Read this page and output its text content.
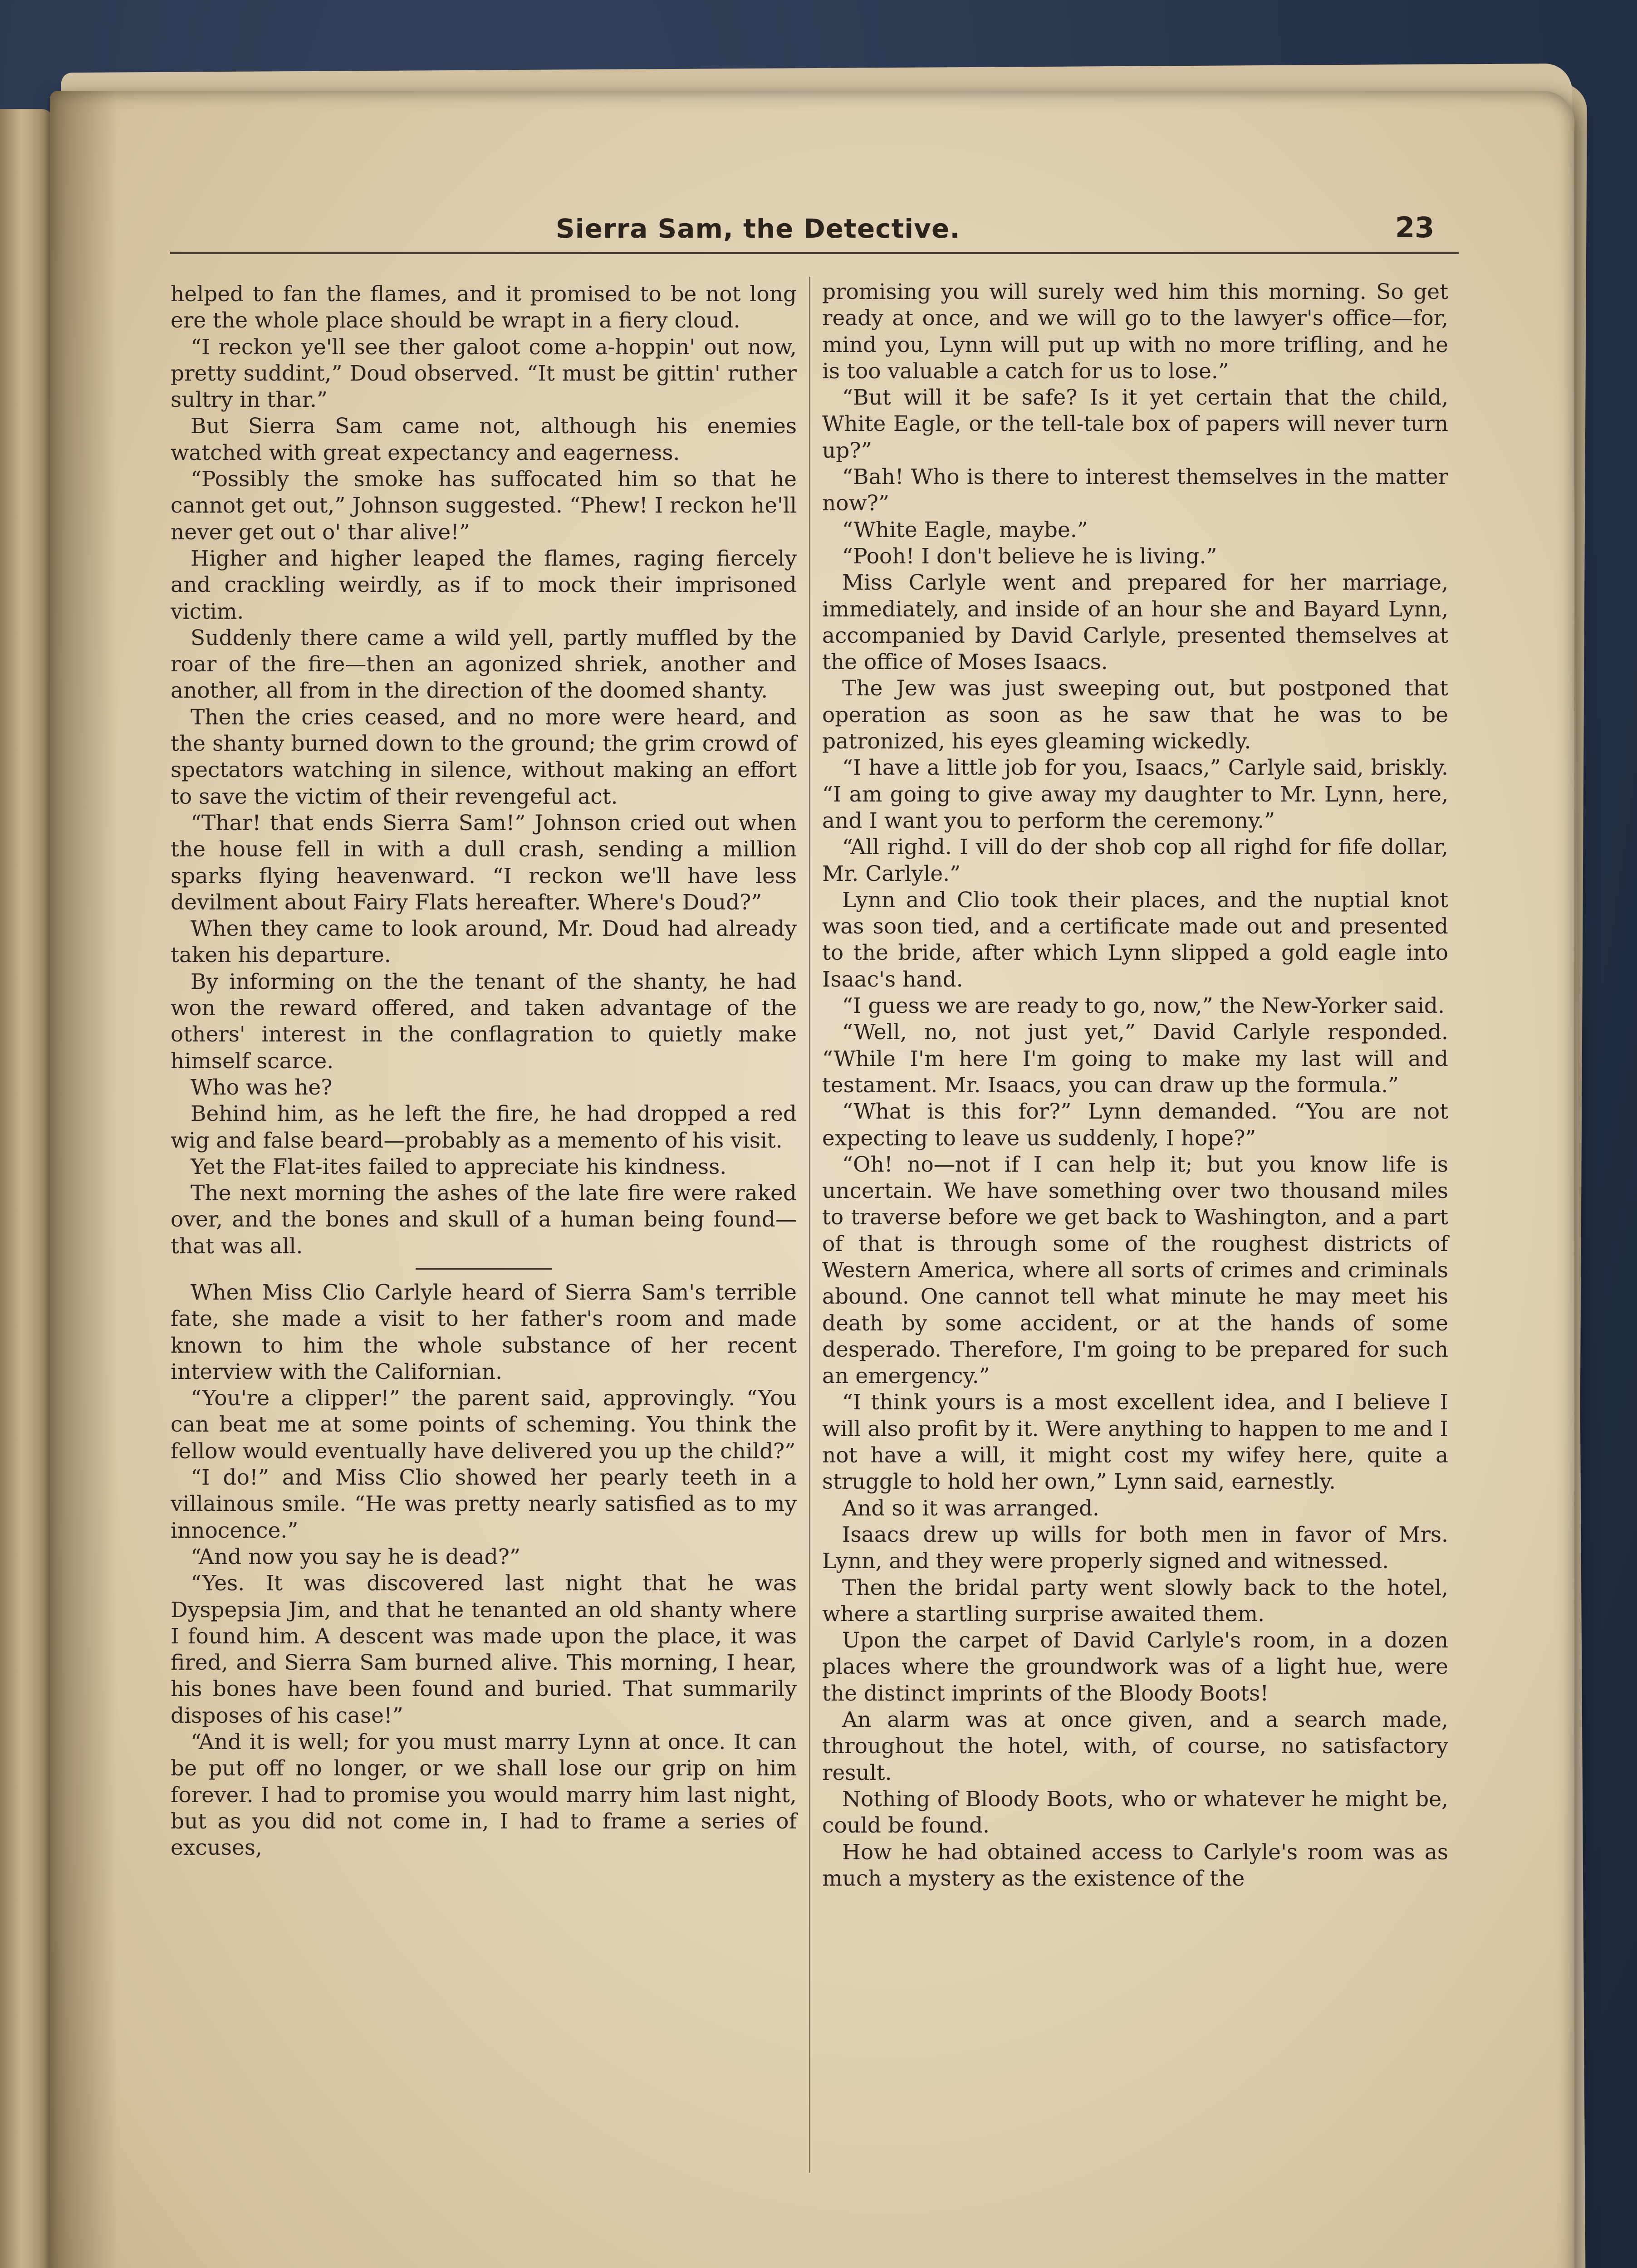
Sierra Sam, the Detective.	23

helped to fan the flames, and it promised to be not long ere the whole place should be wrapt in a fiery cloud.

“I reckon ye'll see ther galoot come a-hoppin' out now, pretty suddint,” Doud observed. “It must be gittin' ruther sultry in thar.”

But Sierra Sam came not, although his enemies watched with great expectancy and eagerness.

“Possibly the smoke has suffocated him so that he cannot get out,” Johnson suggested. “Phew! I reckon he'll never get out o' thar alive!”

Higher and higher leaped the flames, raging fiercely and crackling weirdly, as if to mock their imprisoned victim.

Suddenly there came a wild yell, partly muffled by the roar of the fire—then an agonized shriek, another and another, all from in the direction of the doomed shanty.

Then the cries ceased, and no more were heard, and the shanty burned down to the ground; the grim crowd of spectators watching in silence, without making an effort to save the victim of their revengeful act.

“Thar! that ends Sierra Sam!” Johnson cried out when the house fell in with a dull crash, sending a million sparks flying heavenward. “I reckon we'll have less devilment about Fairy Flats hereafter. Where's Doud?”

When they came to look around, Mr. Doud had already taken his departure.

By informing on the the tenant of the shanty, he had won the reward offered, and taken advantage of the others' interest in the conflagration to quietly make himself scarce.

Who was he?

Behind him, as he left the fire, he had dropped a red wig and false beard—probably as a memento of his visit.

Yet the Flat-ites failed to appreciate his kindness.

The next morning the ashes of the late fire were raked over, and the bones and skull of a human being found—that was all.

When Miss Clio Carlyle heard of Sierra Sam's terrible fate, she made a visit to her father's room and made known to him the whole substance of her recent interview with the Californian.

“You're a clipper!” the parent said, approvingly. “You can beat me at some points of scheming. You think the fellow would eventually have delivered you up the child?”

“I do!” and Miss Clio showed her pearly teeth in a villainous smile. “He was pretty nearly satisfied as to my innocence.”

“And now you say he is dead?”

“Yes. It was discovered last night that he was Dyspepsia Jim, and that he tenanted an old shanty where I found him. A descent was made upon the place, it was fired, and Sierra Sam burned alive. This morning, I hear, his bones have been found and buried. That summarily disposes of his case!”

“And it is well; for you must marry Lynn at once. It can be put off no longer, or we shall lose our grip on him forever. I had to promise you would marry him last night, but as you did not come in, I had to frame a series of excuses,

promising you will surely wed him this morning. So get ready at once, and we will go to the lawyer's office—for, mind you, Lynn will put up with no more trifling, and he is too valuable a catch for us to lose.”

“But will it be safe? Is it yet certain that the child, White Eagle, or the tell-tale box of papers will never turn up?”

“Bah! Who is there to interest themselves in the matter now?”

“White Eagle, maybe.”

“Pooh! I don't believe he is living.”

Miss Carlyle went and prepared for her marriage, immediately, and inside of an hour she and Bayard Lynn, accompanied by David Carlyle, presented themselves at the office of Moses Isaacs.

The Jew was just sweeping out, but postponed that operation as soon as he saw that he was to be patronized, his eyes gleaming wickedly.

“I have a little job for you, Isaacs,” Carlyle said, briskly. “I am going to give away my daughter to Mr. Lynn, here, and I want you to perform the ceremony.”

“All righd. I vill do der shob cop all righd for fife dollar, Mr. Carlyle.”

Lynn and Clio took their places, and the nuptial knot was soon tied, and a certificate made out and presented to the bride, after which Lynn slipped a gold eagle into Isaac's hand.

“I guess we are ready to go, now,” the New-Yorker said.

“Well, no, not just yet,” David Carlyle responded. “While I'm here I'm going to make my last will and testament. Mr. Isaacs, you can draw up the formula.”

“What is this for?” Lynn demanded. “You are not expecting to leave us suddenly, I hope?”

“Oh! no—not if I can help it; but you know life is uncertain. We have something over two thousand miles to traverse before we get back to Washington, and a part of that is through some of the roughest districts of Western America, where all sorts of crimes and criminals abound. One cannot tell what minute he may meet his death by some accident, or at the hands of some desperado. Therefore, I'm going to be prepared for such an emergency.”

“I think yours is a most excellent idea, and I believe I will also profit by it. Were anything to happen to me and I not have a will, it might cost my wifey here, quite a struggle to hold her own,” Lynn said, earnestly.

And so it was arranged.

Isaacs drew up wills for both men in favor of Mrs. Lynn, and they were properly signed and witnessed.

Then the bridal party went slowly back to the hotel, where a startling surprise awaited them.

Upon the carpet of David Carlyle's room, in a dozen places where the groundwork was of a light hue, were the distinct imprints of the Bloody Boots!

An alarm was at once given, and a search made, throughout the hotel, with, of course, no satisfactory result.

Nothing of Bloody Boots, who or whatever he might be, could be found.

How he had obtained access to Carlyle's room was as much a mystery as the existence of the
